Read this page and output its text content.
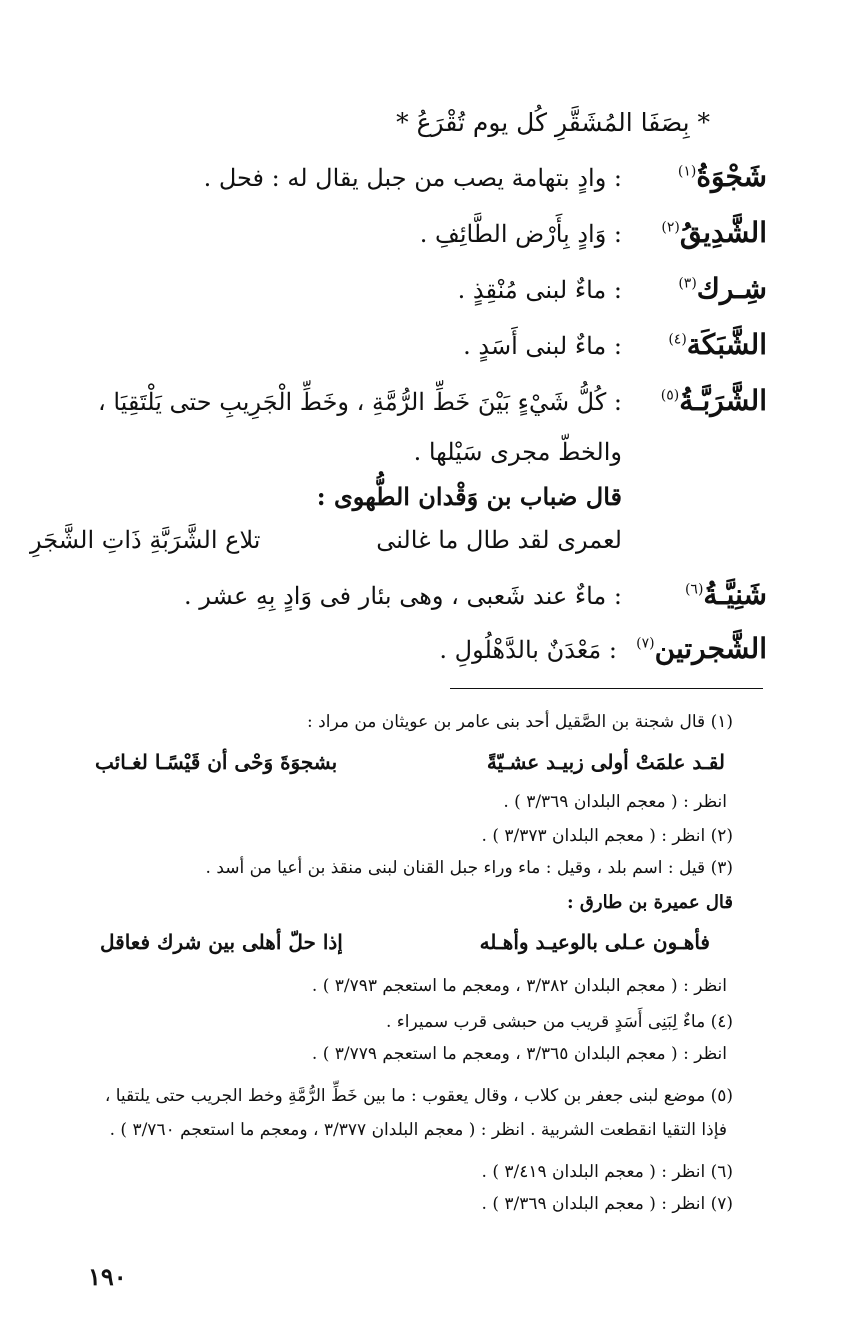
* بِصَفَا المُشَقَّرِ كُل يوم تُقْرَعُ *
شَجْوَةُ$^{(١)}$
: وادٍ بتهامة يصب من جبل يقال له : فحل .
الشَّدِيقُ$^{(٢)}$
: وَادٍ بِأَرْض الطَّائِفِ .
شِـرك$^{(٣)}$
: ماءٌ لبنى مُنْقِذٍ .
الشَّبَكَة$^{(٤)}$
: ماءٌ لبنى أَسَدٍ .
الشَّرَبَّـةُ$^{(٥)}$
: كُلُّ شَيْءٍ بَيْنَ خَطِّ الرُّمَّةِ ، وخَطِّ الْجَرِيبِ حتى يَلْتَقِيَا ،
والخطّ مجرى سَيْلها .
قال ضباب بن وَقْدان الطُّهوى :
لعمرى لقد طال ما غالنى
تلاع الشَّرَبَّةِ ذَاتِ الشَّجَرِ
شَنِيَّـةُ$^{(٦)}$
: ماءٌ عند شَعبى ، وهى بئار فى وَادٍ بِهِ عشر .
الشَّجرتين$^{(٧)}$
: مَعْدَنٌ بالدَّهْلُولِ .
(١) قال شجنة بن الصَّقيل أحد بنى عامر بن عويثان من مراد :
لقـد علمَتْ أولى زبيـد عشـيّةً
بشجوَةَ وَحْى أن قَيْسًـا لغـائب
انظر : ( معجم البلدان ٣/٣٦٩ ) .
(٢) انظر : ( معجم البلدان ٣/٣٧٣ ) .
(٣) قيل : اسم بلد ، وقيل : ماء وراء جبل القنان لبنى منقذ بن أعيا من أسد .
قال عميرة بن طارق :
فأهـون عـلى بالوعيـد وأهـله
إذا حلّ أهلى بين شرك فعاقل
انظر : ( معجم البلدان ٣/٣٨٢ ، ومعجم ما استعجم ٣/٧٩٣ ) .
(٤) ماءٌ لِبَنِى أَسَدٍ قريب من حبشى قرب سميراء .
انظر : ( معجم البلدان ٣/٣٦٥ ، ومعجم ما استعجم ٣/٧٧٩ ) .
(٥) موضع لبنى جعفر بن كلاب ، وقال يعقوب : ما بين خَطِّ الرُّمَّةِ وخط الجريب حتى يلتقيا ،
فإذا التقيا انقطعت الشربية . انظر : ( معجم البلدان ٣/٣٧٧ ، ومعجم ما استعجم ٣/٧٦٠ ) .
(٦) انظر : ( معجم البلدان ٣/٤١٩ ) .
(٧) انظر : ( معجم البلدان ٣/٣٦٩ ) .
١٩٠
